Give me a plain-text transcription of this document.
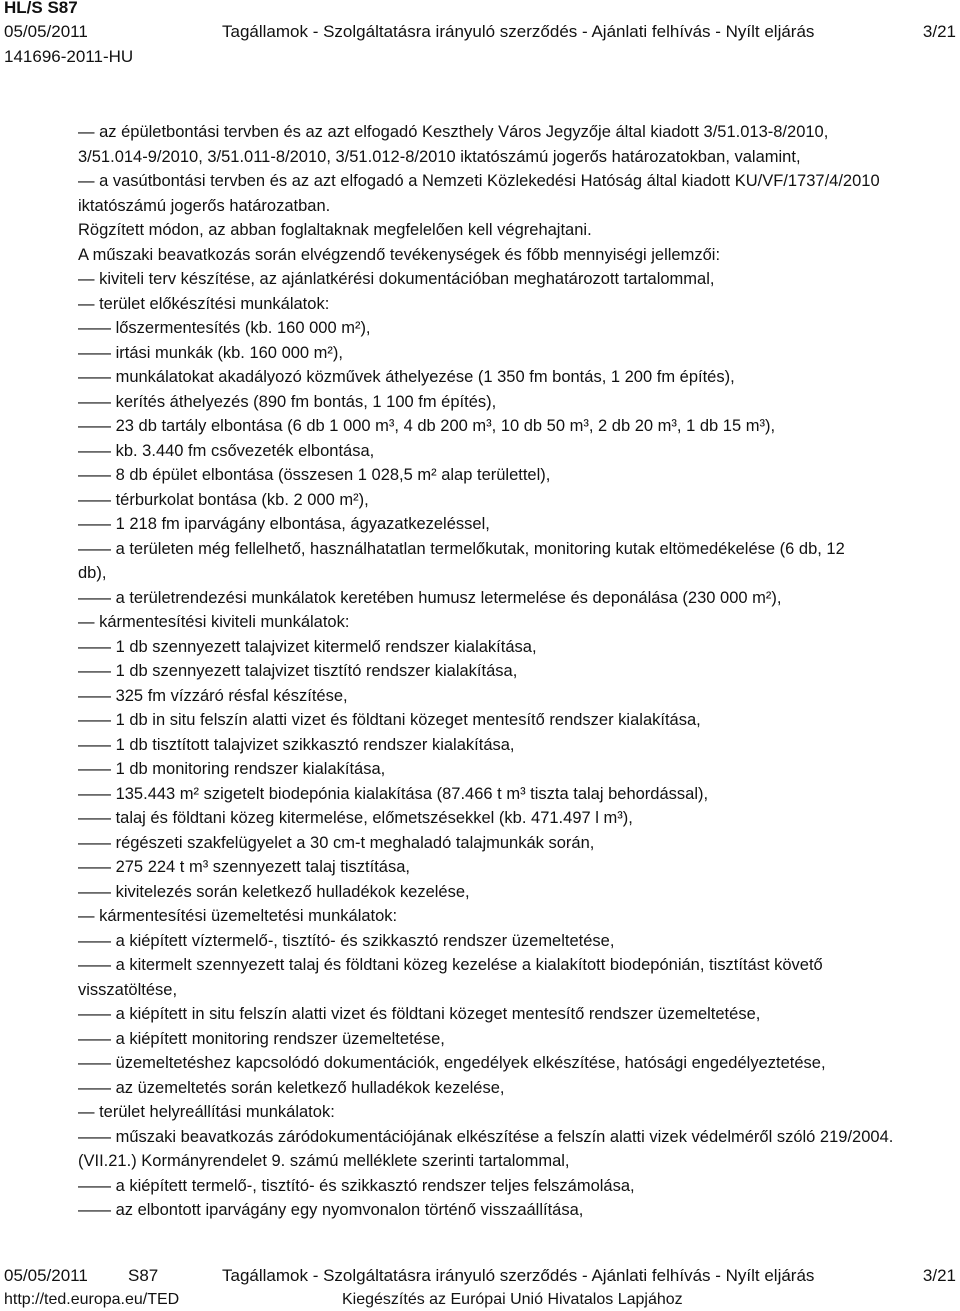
HL/S S87
05/05/2011	Tagállamok - Szolgáltatásra irányuló szerződés - Ajánlati felhívás - Nyílt eljárás	3/21
141696-2011-HU
— az épületbontási tervben és az azt elfogadó Keszthely Város Jegyzője által kiadott 3/51.013-8/2010,
3/51.014-9/2010, 3/51.011-8/2010, 3/51.012-8/2010 iktatószámú jogerős határozatokban, valamint,
— a vasútbontási tervben és az azt elfogadó a Nemzeti Közlekedési Hatóság által kiadott KU/VF/1737/4/2010
iktatószámú jogerős határozatban.
Rögzített módon, az abban foglaltaknak megfelelően kell végrehajtani.
A műszaki beavatkozás során elvégzendő tevékenységek és főbb mennyiségi jellemzői:
— kiviteli terv készítése, az ajánlatkérési dokumentációban meghatározott tartalommal,
— terület előkészítési munkálatok:
—— lőszermentesítés (kb. 160 000 m²),
—— irtási munkák (kb. 160 000 m²),
—— munkálatokat akadályozó közművek áthelyezése (1 350 fm bontás, 1 200 fm építés),
—— kerítés áthelyezés (890 fm bontás, 1 100 fm építés),
—— 23 db tartály elbontása (6 db 1 000 m³, 4 db 200 m³, 10 db 50 m³, 2 db 20 m³, 1 db 15 m³),
—— kb. 3.440 fm csővezeték elbontása,
—— 8 db épület elbontása (összesen 1 028,5 m² alap területtel),
—— térburkolat bontása (kb. 2 000 m²),
—— 1 218 fm iparvágány elbontása, ágyazatkezeléssel,
—— a területen még fellelhető, használhatatlan termelőkutak, monitoring kutak eltömedékelése (6 db, 12
db),
—— a területrendezési munkálatok keretében humusz letermelése és deponálása (230 000 m²),
— kármentesítési kiviteli munkálatok:
—— 1 db szennyezett talajvizet kitermelő rendszer kialakítása,
—— 1 db szennyezett talajvizet tisztító rendszer kialakítása,
—— 325 fm vízzáró résfal készítése,
—— 1 db in situ felszín alatti vizet és földtani közeget mentesítő rendszer kialakítása,
—— 1 db tisztított talajvizet szikkasztó rendszer kialakítása,
—— 1 db monitoring rendszer kialakítása,
—— 135.443 m² szigetelt biodepónia kialakítása (87.466 t m³ tiszta talaj behordással),
—— talaj és földtani közeg kitermelése, előmetszésekkel (kb. 471.497 l m³),
—— régészeti szakfelügyelet a 30 cm-t meghaladó talajmunkák során,
—— 275 224 t m³ szennyezett talaj tisztítása,
—— kivitelezés során keletkező hulladékok kezelése,
— kármentesítési üzemeltetési munkálatok:
—— a kiépített víztermelő-, tisztító- és szikkasztó rendszer üzemeltetése,
—— a kitermelt szennyezett talaj és földtani közeg kezelése a kialakított biodepónián, tisztítást követő
visszatöltése,
—— a kiépített in situ felszín alatti vizet és földtani közeget mentesítő rendszer üzemeltetése,
—— a kiépített monitoring rendszer üzemeltetése,
—— üzemeltetéshez kapcsolódó dokumentációk, engedélyek elkészítése, hatósági engedélyeztetése,
—— az üzemeltetés során keletkező hulladékok kezelése,
— terület helyreállítási munkálatok:
—— műszaki beavatkozás záródokumentációjának elkészítése a felszín alatti vizek védelméről szóló 219/2004.
(VII.21.) Kormányrendelet 9. számú melléklete szerinti tartalommal,
—— a kiépített termelő-, tisztító- és szikkasztó rendszer teljes felszámolása,
—— az elbontott iparvágány egy nyomvonalon történő visszaállítása,
05/05/2011 S87	Tagállamok - Szolgáltatásra irányuló szerződés - Ajánlati felhívás - Nyílt eljárás	3/21
http://ted.europa.eu/TED	Kiegészítés az Európai Unió Hivatalos Lapjához
